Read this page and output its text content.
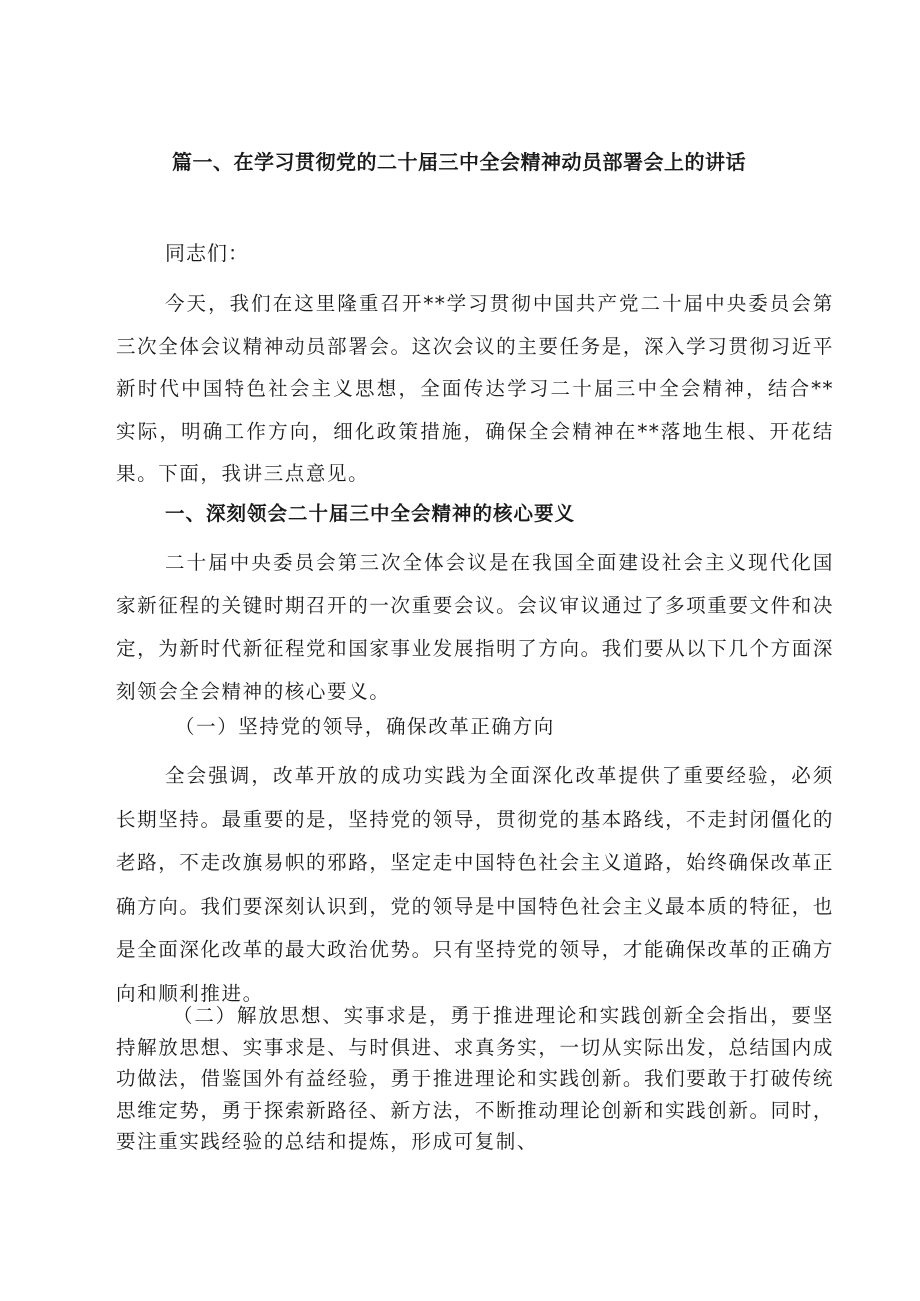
篇一、在学习贯彻党的二十届三中全会精神动员部署会上的讲话
同志们：

今天，我们在这里隆重召开**学习贯彻中国共产党二十届中央委员会第三次全体会议精神动员部署会。这次会议的主要任务是，深入学习贯彻习近平新时代中国特色社会主义思想，全面传达学习二十届三中全会精神，结合**实际，明确工作方向，细化政策措施，确保全会精神在**落地生根、开花结果。下面，我讲三点意见。

一、深刻领会二十届三中全会精神的核心要义

二十届中央委员会第三次全体会议是在我国全面建设社会主义现代化国家新征程的关键时期召开的一次重要会议。会议审议通过了多项重要文件和决定，为新时代新征程党和国家事业发展指明了方向。我们要从以下几个方面深刻领会全会精神的核心要义。

（一）坚持党的领导，确保改革正确方向

全会强调，改革开放的成功实践为全面深化改革提供了重要经验，必须长期坚持。最重要的是，坚持党的领导，贯彻党的基本路线，不走封闭僵化的老路，不走改旗易帜的邪路，坚定走中国特色社会主义道路，始终确保改革正确方向。我们要深刻认识到，党的领导是中国特色社会主义最本质的特征，也是全面深化改革的最大政治优势。只有坚持党的领导，才能确保改革的正确方向和顺利推进。

（二）解放思想、实事求是，勇于推进理论和实践创新全会指出，要坚持解放思想、实事求是、与时俱进、求真务实，一切从实际出发，总结国内成功做法，借鉴国外有益经验，勇于推进理论和实践创新。我们要敢于打破传统思维定势，勇于探索新路径、新方法，不断推动理论创新和实践创新。同时，要注重实践经验的总结和提炼，形成可复制、
